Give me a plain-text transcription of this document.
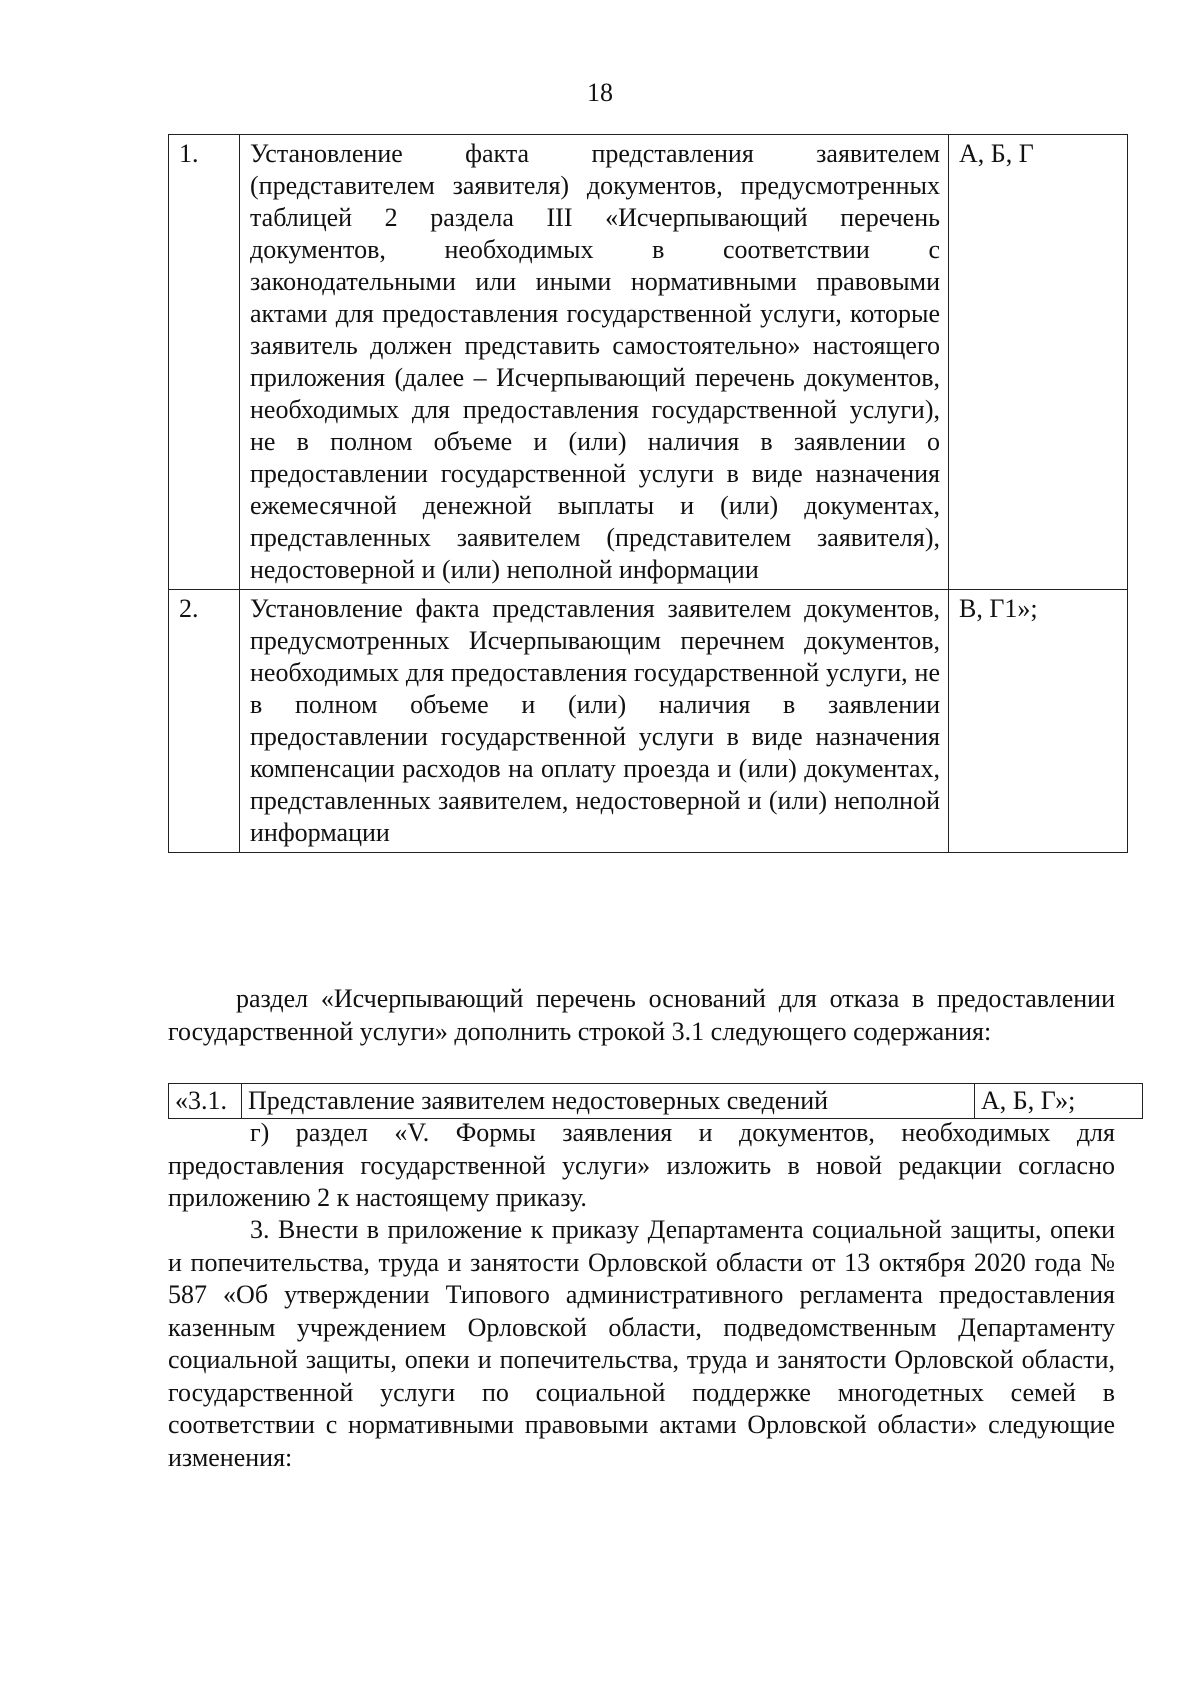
18
1.	Установление факта представления заявителем (представителем заявителя) документов, предусмотренных таблицей 2 раздела III «Исчерпывающий перечень документов, необходимых в соответствии с законодательными или иными нормативными правовыми актами для предоставления государственной услуги, которые заявитель должен представить самостоятельно» настоящего приложения (далее – Исчерпывающий перечень документов, необходимых для предоставления государственной услуги), не в полном объеме и (или) наличия в заявлении о предоставлении государственной услуги в виде назначения ежемесячной денежной выплаты и (или) документах, представленных заявителем (представителем заявителя), недостоверной и (или) неполной информации	А, Б, Г
2.	Установление факта представления заявителем документов, предусмотренных Исчерпывающим перечнем документов, необходимых для предоставления государственной услуги, не в полном объеме и (или) наличия в заявлении предоставлении государственной услуги в виде назначения компенсации расходов на оплату проезда и (или) документах, представленных заявителем, недостоверной и (или) неполной информации	В, Г1»;
раздел «Исчерпывающий перечень оснований для отказа в предоставлении государственной услуги» дополнить строкой 3.1 следующего содержания:
«3.1.	Представление заявителем недостоверных сведений	А, Б, Г»;
г) раздел «V. Формы заявления и документов, необходимых для предоставления государственной услуги» изложить в новой редакции согласно приложению 2 к настоящему приказу.
3. Внести в приложение к приказу Департамента социальной защиты, опеки и попечительства, труда и занятости Орловской области от 13 октября 2020 года № 587 «Об утверждении Типового административного регламента предоставления казенным учреждением Орловской области, подведомственным Департаменту социальной защиты, опеки и попечительства, труда и занятости Орловской области, государственной услуги по социальной поддержке многодетных семей в соответствии с нормативными правовыми актами Орловской области» следующие изменения:
